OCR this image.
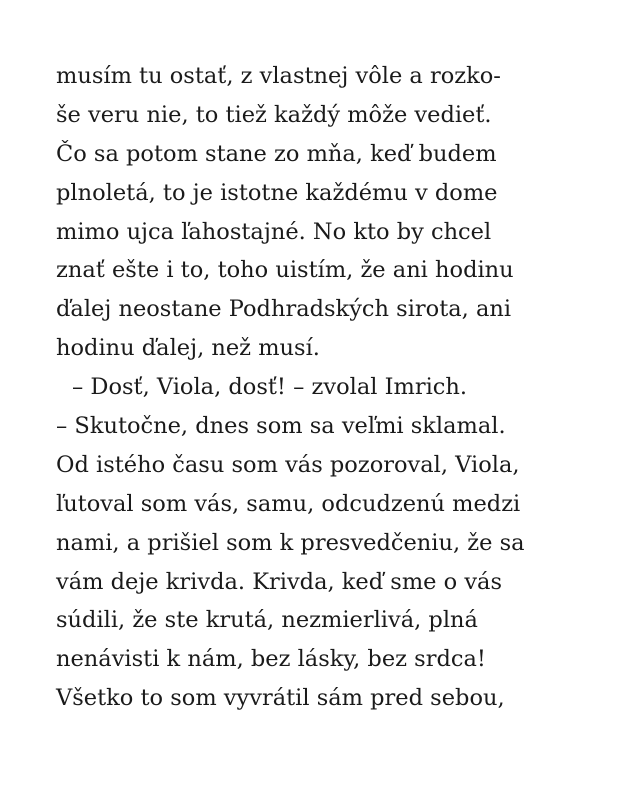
musím tu ostať, z vlastnej vôle a rozko-
še veru nie, to tiež každý môže vedieť.
Čo sa potom stane zo mňa, keď budem
plnoletá, to je istotne každému v dome
mimo ujca ľahostajné. No kto by chcel
znať ešte i to, toho uistím, že ani hodinu
ďalej neostane Podhradských sirota, ani
hodinu ďalej, než musí.
– Dosť, Viola, dosť! – zvolal Imrich.
– Skutočne, dnes som sa veľmi sklamal.
Od istého času som vás pozoroval, Viola,
ľutoval som vás, samu, odcudzenú medzi
nami, a prišiel som k presvedčeniu, že sa
vám deje krivda. Krivda, keď sme o vás
súdili, že ste krutá, nezmierlivá, plná
nenávisti k nám, bez lásky, bez srdca!
Všetko to som vyvrátil sám pred sebou,
